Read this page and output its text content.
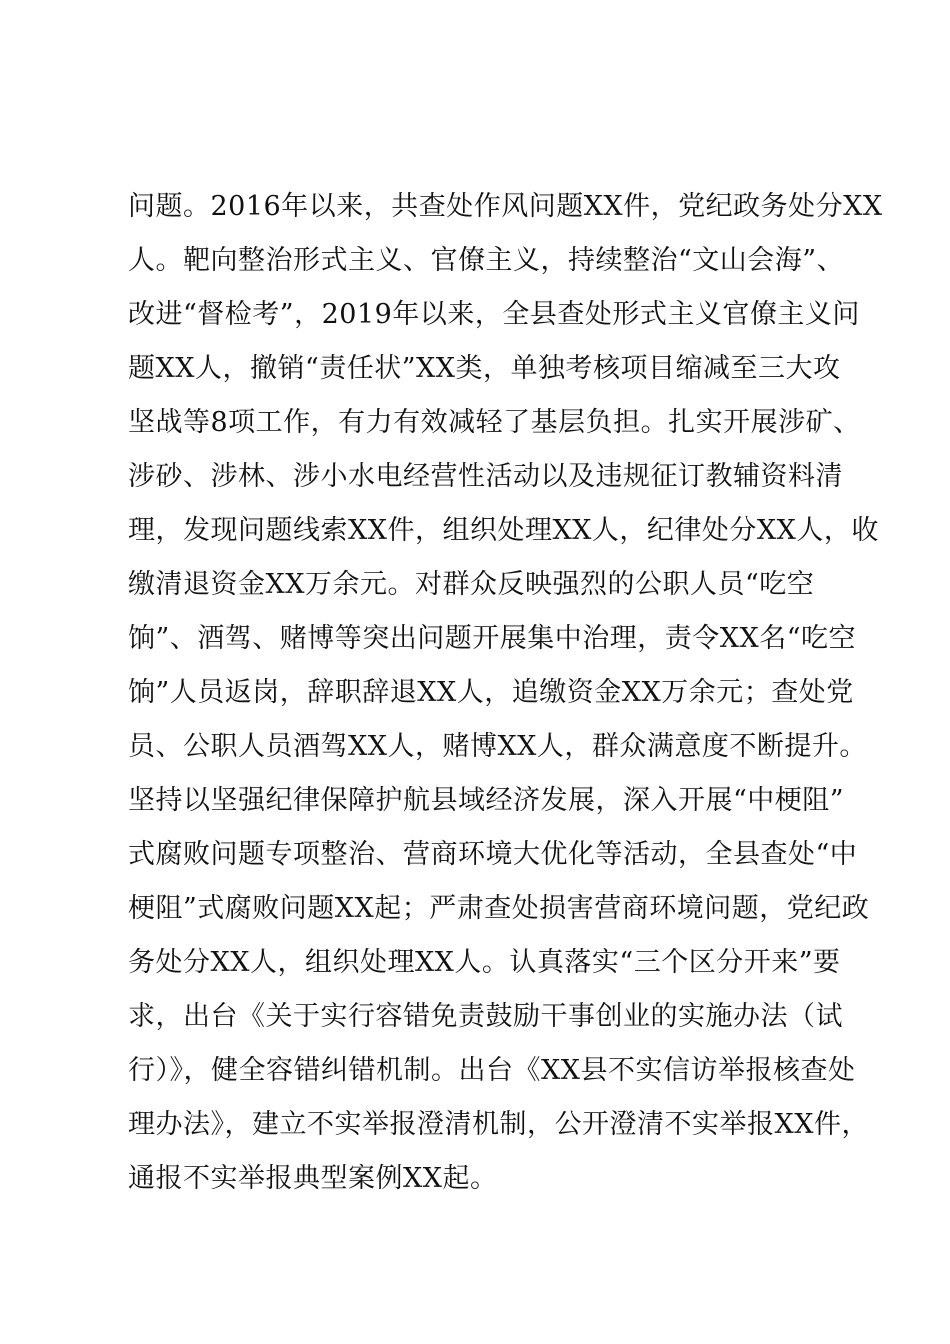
问题。2016年以来，共查处作风问题XX件，党纪政务处分XX
人。靶向整治形式主义、官僚主义，持续整治“文山会海”、
改进“督检考”，2019年以来，全县查处形式主义官僚主义问
题XX人，撤销“责任状”XX类，单独考核项目缩减至三大攻
坚战等8项工作，有力有效减轻了基层负担。扎实开展涉矿、
涉砂、涉林、涉小水电经营性活动以及违规征订教辅资料清
理，发现问题线索XX件，组织处理XX人，纪律处分XX人，收
缴清退资金XX万余元。对群众反映强烈的公职人员“吃空
饷”、酒驾、赌博等突出问题开展集中治理，责令XX名“吃空
饷”人员返岗，辞职辞退XX人，追缴资金XX万余元；查处党
员、公职人员酒驾XX人，赌博XX人，群众满意度不断提升。
坚持以坚强纪律保障护航县域经济发展，深入开展“中梗阻”
式腐败问题专项整治、营商环境大优化等活动，全县查处“中
梗阻”式腐败问题XX起；严肃查处损害营商环境问题，党纪政
务处分XX人，组织处理XX人。认真落实“三个区分开来”要
求，出台《关于实行容错免责鼓励干事创业的实施办法（试
行）》，健全容错纠错机制。出台《XX县不实信访举报核查处
理办法》，建立不实举报澄清机制，公开澄清不实举报XX件，
通报不实举报典型案例XX起。
